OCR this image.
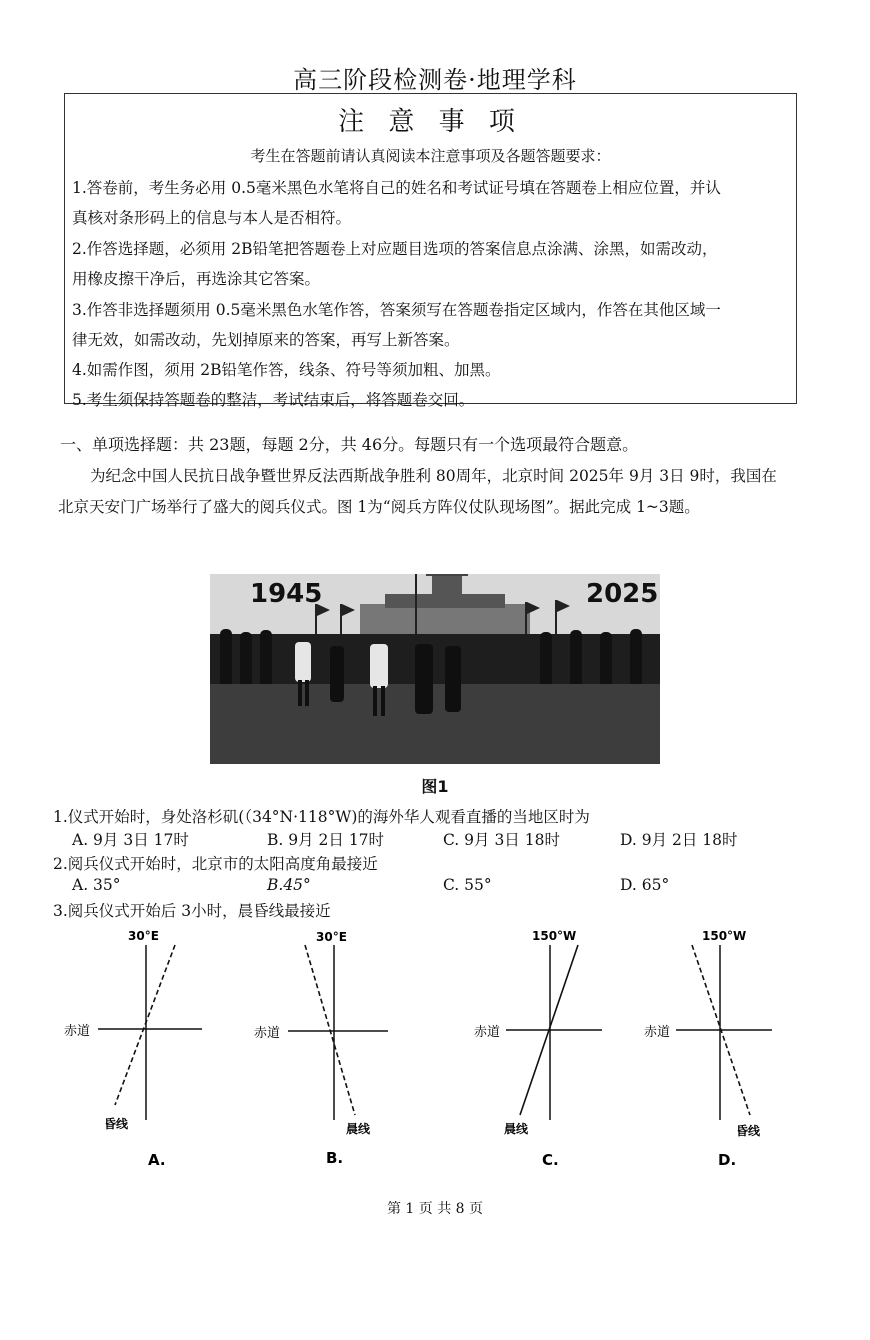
高三阶段检测卷·地理学科
注 意 事 项
考生在答题前请认真阅读本注意事项及各题答题要求：
1.答卷前，考生务必用 0.5毫米黑色水笔将自己的姓名和考试证号填在答题卷上相应位置，并认
真核对条形码上的信息与本人是否相符。
2.作答选择题，必须用 2B铅笔把答题卷上对应题目选项的答案信息点涂满、涂黑，如需改动，
用橡皮擦干净后，再选涂其它答案。
3.作答非选择题须用 0.5毫米黑色水笔作答，答案须写在答题卷指定区域内，作答在其他区域一
律无效，如需改动，先划掉原来的答案，再写上新答案。
4.如需作图，须用 2B铅笔作答，线条、符号等须加粗、加黑。
5.考生须保持答题卷的整洁，考试结束后，将答题卷交回。
一、单项选择题：共 23题，每题 2分，共 46分。每题只有一个选项最符合题意。
为纪念中国人民抗日战争暨世界反法西斯战争胜利 80周年，北京时间 2025年 9月 3日 9时，我国在
北京天安门广场举行了盛大的阅兵仪式。图 1为“阅兵方阵仪仗队现场图”。据此完成 1~3题。
1945	2025
图1
1.仪式开始时，身处洛杉矶(（34°N·118°W)的海外华人观看直播的当地区时为
A. 9月 3日 17时	B. 9月 2日 17时	C. 9月 3日 18时	D. 9月 2日 18时
2.阅兵仪式开始时，北京市的太阳高度角最接近
A. 35°	B.45°	C. 55°	D. 65°
3.阅兵仪式开始后 3小时，晨昏线最接近
30°E
赤道
昏线
A.
30°E
赤道
晨线
B.
150°W
赤道
晨线
C.
150°W
赤道
昏线
D.
第 1 页 共 8 页
